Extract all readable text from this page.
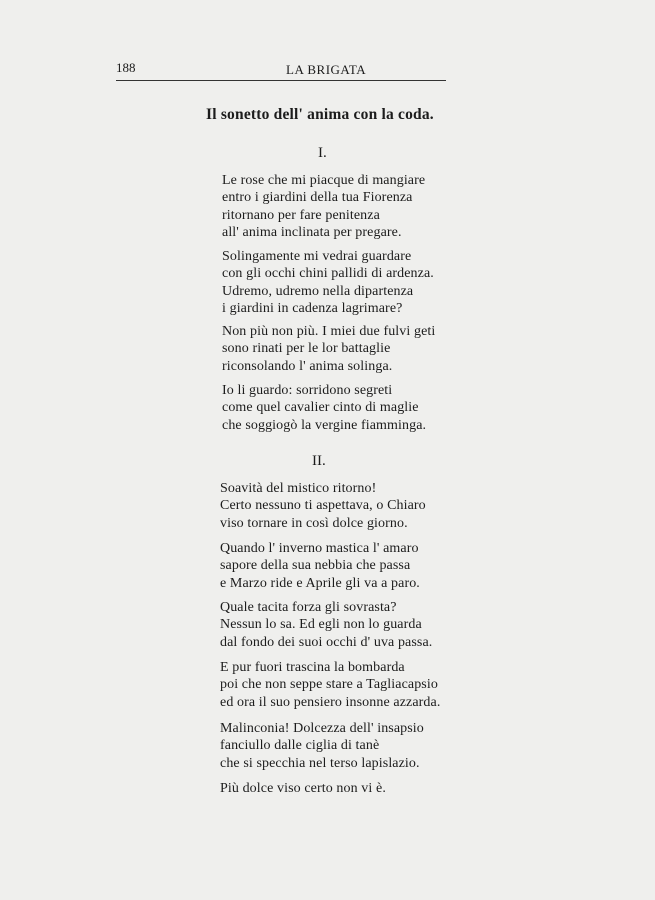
188	LA BRIGATA
Il sonetto dell' anima con la coda.
I.
Le rose che mi piacque di mangiare
entro i giardini della tua Fiorenza
ritornano per fare penitenza
all' anima inclinata per pregare.
Solingamente mi vedrai guardare
con gli occhi chini pallidi di ardenza.
Udremo, udremo nella dipartenza
i giardini in cadenza lagrimare?
Non più non più. I miei due fulvi geti
sono rinati per le lor battaglie
riconsolando l' anima solinga.
Io li guardo: sorridono segreti
come quel cavalier cinto di maglie
che soggiogò la vergine fiamminga.
II.
Soavità del mistico ritorno!
Certo nessuno ti aspettava, o Chiaro
viso tornare in così dolce giorno.
Quando l' inverno mastica l' amaro
sapore della sua nebbia che passa
e Marzo ride e Aprile gli va a paro.
Quale tacita forza gli sovrasta?
Nessun lo sa. Ed egli non lo guarda
dal fondo dei suoi occhi d' uva passa.
E pur fuori trascina la bombarda
poi che non seppe stare a Tagliacapsio
ed ora il suo pensiero insonne azzarda.
Malinconia! Dolcezza dell' insapsio
fanciullo dalle ciglia di tanè
che si specchia nel terso lapislazio.
Più dolce viso certo non vi è.
